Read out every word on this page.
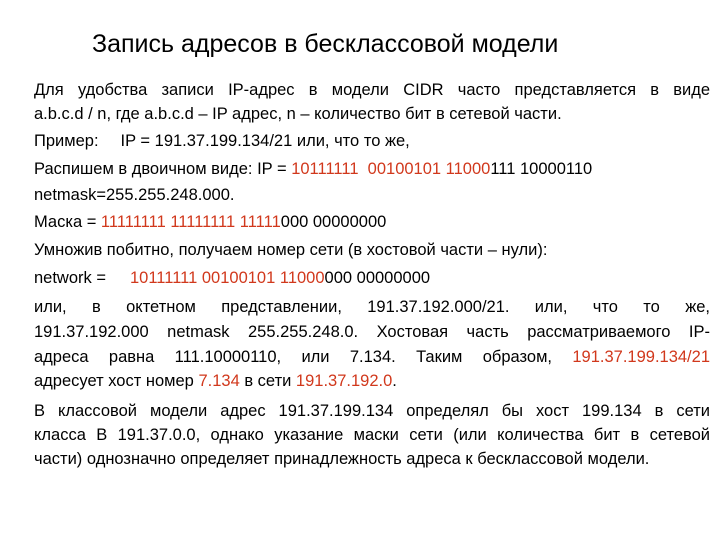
Запись адресов в бесклассовой модели
Для удобства записи IP-адрес в модели CIDR часто представляется в виде
a.b.c.d / n, где a.b.c.d – IP адрес, n – количество бит в сетевой части.
Пример: IP = 191.37.199.134/21 или, что то же,
Распишем в двоичном виде: IP = 10111111  00100101 11000111 10000110
netmask=255.255.248.000.
Маска = 11111111 11111111 11111000 00000000
Умножив побитно, получаем номер сети (в хостовой части – нули):
network = 10111111 00100101 11000000 00000000
или, в октетном представлении, 191.37.192.000/21. или, что то же,
191.37.192.000 netmask 255.255.248.0. Хостовая часть рассматриваемого IP-
адреса  равна  111.10000110,  или  7.134.  Таким  образом,  191.37.199.134/21
адресует хост номер 7.134 в сети 191.37.192.0.
В классовой модели адрес 191.37.199.134 определял бы хост 199.134 в сети
класса В 191.37.0.0, однако указание маски сети (или количества бит в сетевой
части) однозначно определяет принадлежность адреса к бесклассовой модели.
